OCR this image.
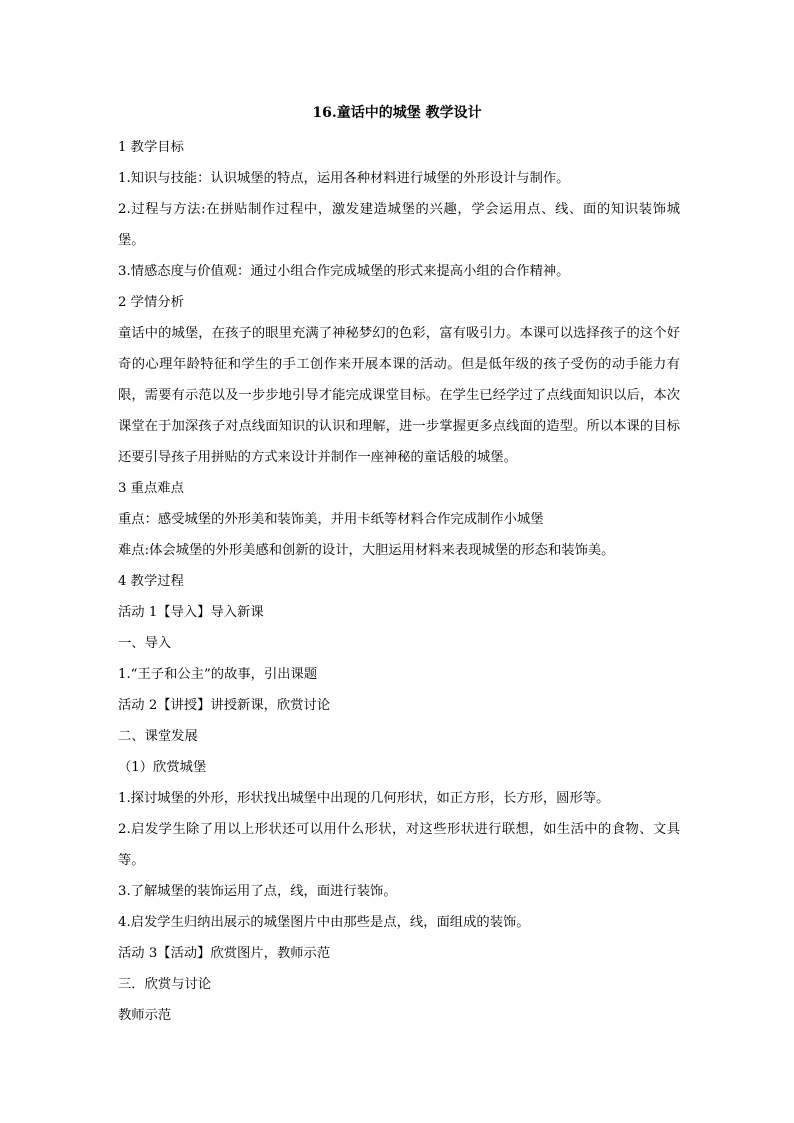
16.童话中的城堡 教学设计

1 教学目标

1.知识与技能：认识城堡的特点，运用各种材料进行城堡的外形设计与制作。

2.过程与方法:在拼贴制作过程中，激发建造城堡的兴趣，学会运用点、线、面的知识装饰城堡。

3.情感态度与价值观：通过小组合作完成城堡的形式来提高小组的合作精神。

2 学情分析

童话中的城堡，在孩子的眼里充满了神秘梦幻的色彩，富有吸引力。本课可以选择孩子的这个好奇的心理年龄特征和学生的手工创作来开展本课的活动。但是低年级的孩子受伤的动手能力有限，需要有示范以及一步步地引导才能完成课堂目标。在学生已经学过了点线面知识以后，本次课堂在于加深孩子对点线面知识的认识和理解，进一步掌握更多点线面的造型。所以本课的目标还要引导孩子用拼贴的方式来设计并制作一座神秘的童话般的城堡。

3 重点难点

重点：感受城堡的外形美和装饰美，并用卡纸等材料合作完成制作小城堡

难点:体会城堡的外形美感和创新的设计，大胆运用材料来表现城堡的形态和装饰美。

4 教学过程

活动 1【导入】导入新课

一、导入

1.“王子和公主”的故事，引出课题

活动 2【讲授】讲授新课，欣赏讨论

二、课堂发展

（1）欣赏城堡

1.探讨城堡的外形，形状找出城堡中出现的几何形状，如正方形，长方形，圆形等。

2.启发学生除了用以上形状还可以用什么形状，对这些形状进行联想，如生活中的食物、文具等。

3.了解城堡的装饰运用了点，线，面进行装饰。

4.启发学生归纳出展示的城堡图片中由那些是点，线，面组成的装饰。

活动 3【活动】欣赏图片，教师示范

三．欣赏与讨论

教师示范
